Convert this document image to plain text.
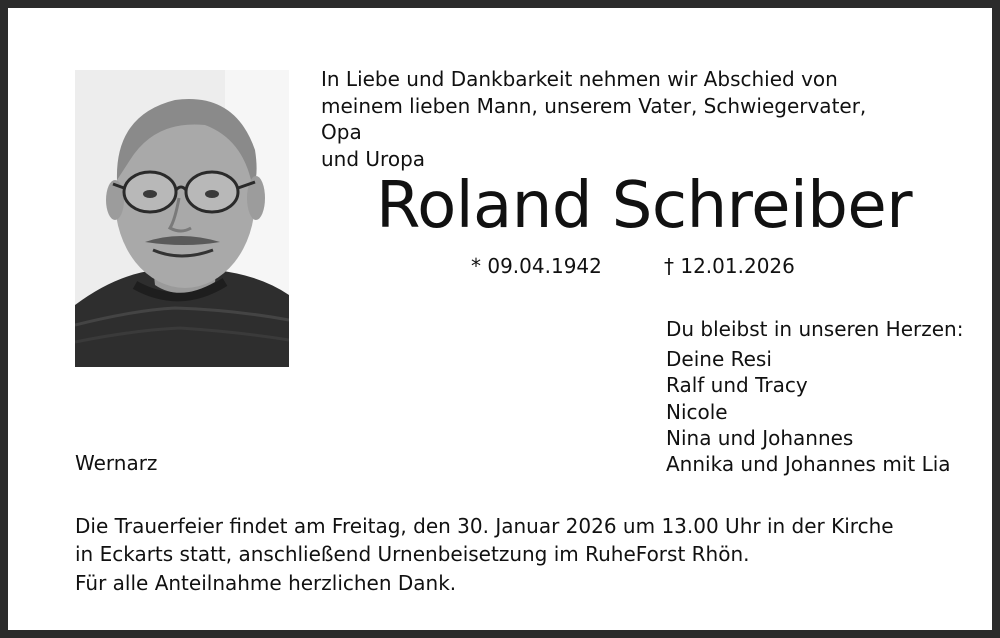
In Liebe und Dankbarkeit nehmen wir Abschied von
meinem lieben Mann, unserem Vater, Schwiegervater, Opa
und Uropa

Roland Schreiber
* 09.04.1942	† 12.01.2026
Du bleibst in unseren Herzen:
Deine Resi
Ralf und Tracy
Nicole
Nina und Johannes
Annika und Johannes mit Lia
Wernarz

Die Trauerfeier findet am Freitag, den 30. Januar 2026 um 13.00 Uhr in der Kirche
in Eckarts statt, anschließend Urnenbeisetzung im RuheForst Rhön.

Für alle Anteilnahme herzlichen Dank.
